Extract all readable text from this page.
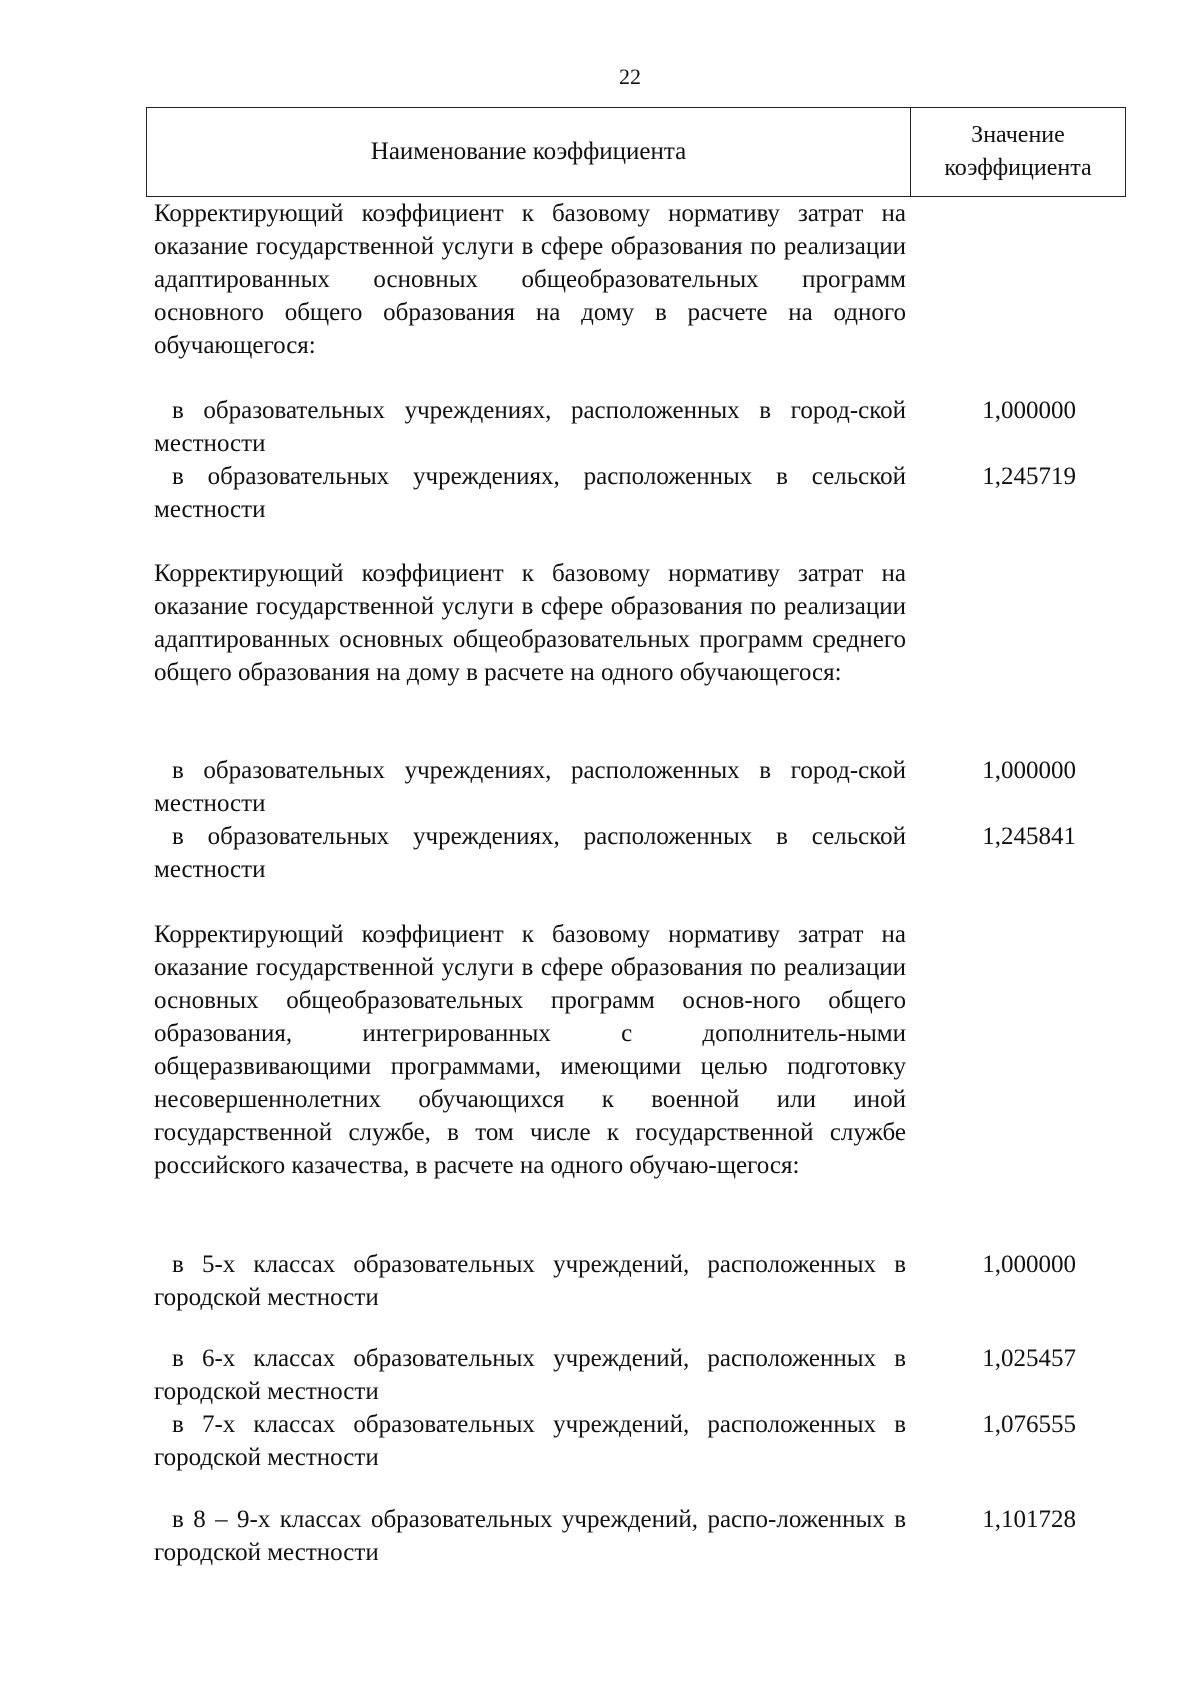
22
Наименование коэффициента
Значение
коэффициента
Корректирующий коэффициент к базовому нормативу затрат на оказание государственной услуги в сфере образования по реализации адаптированных основных общеобразовательных программ основного общего образования на дому в расчете на одного обучающегося:
в образовательных учреждениях, расположенных в город-ской местности
1,000000
в образовательных учреждениях, расположенных в сельской местности
1,245719
Корректирующий коэффициент к базовому нормативу затрат на оказание государственной услуги в сфере образования по реализации адаптированных основных общеобразовательных программ среднего общего образования на дому в расчете на одного обучающегося:
в образовательных учреждениях, расположенных в город-ской местности
1,000000
в образовательных учреждениях, расположенных в сельской местности
1,245841
Корректирующий коэффициент к базовому нормативу затрат на оказание государственной услуги в сфере образования по реализации основных общеобразовательных программ основ-ного общего образования, интегрированных с дополнитель-ными общеразвивающими программами, имеющими целью подготовку несовершеннолетних обучающихся к военной или иной государственной службе, в том числе к государственной службе российского казачества, в расчете на одного обучаю-щегося:
в 5-х классах образовательных учреждений, расположенных в городской местности
1,000000
в 6-х классах образовательных учреждений, расположенных в городской местности
1,025457
в 7-х классах образовательных учреждений, расположенных в городской местности
1,076555
в 8 – 9-х классах образовательных учреждений, распо-ложенных в городской местности
1,101728
